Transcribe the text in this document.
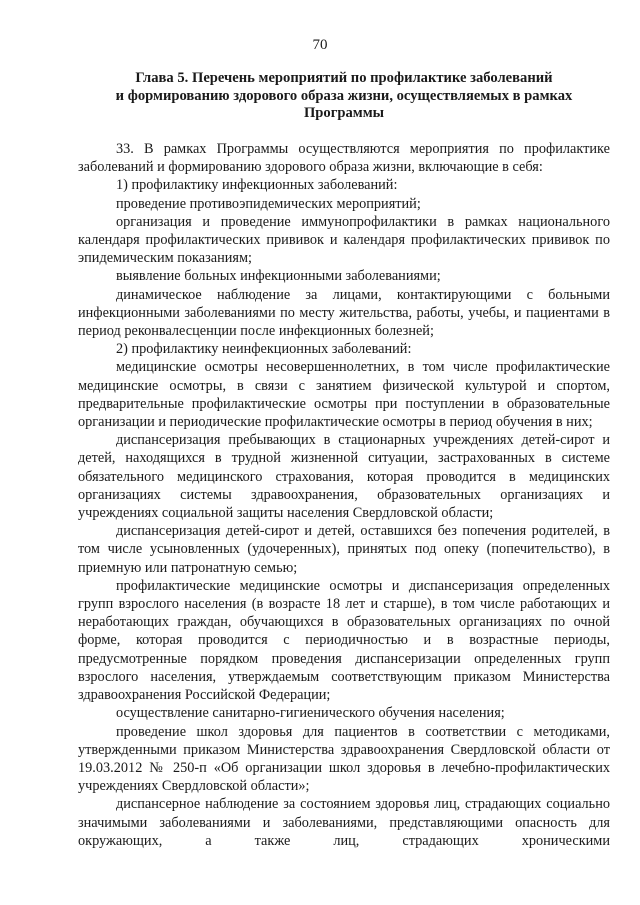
70
Глава 5. Перечень мероприятий по профилактике заболеваний
и формированию здорового образа жизни, осуществляемых в рамках
Программы

33. В рамках Программы осуществляются мероприятия по профилактике заболеваний и формированию здорового образа жизни, включающие в себя:

1) профилактику инфекционных заболеваний:

проведение противоэпидемических мероприятий;

организация и проведение иммунопрофилактики в рамках национального календаря профилактических прививок и календаря профилактических прививок по эпидемическим показаниям;

выявление больных инфекционными заболеваниями;

динамическое наблюдение за лицами, контактирующими с больными инфекционными заболеваниями по месту жительства, работы, учебы, и пациентами в период реконвалесценции после инфекционных болезней;

2) профилактику неинфекционных заболеваний:

медицинские осмотры несовершеннолетних, в том числе профилактические медицинские осмотры, в связи с занятием физической культурой и спортом, предварительные профилактические осмотры при поступлении в образовательные организации и периодические профилактические осмотры в период обучения в них;

диспансеризация пребывающих в стационарных учреждениях детей-сирот и детей, находящихся в трудной жизненной ситуации, застрахованных в системе обязательного медицинского страхования, которая проводится в медицинских организациях системы здравоохранения, образовательных организациях и учреждениях социальной защиты населения Свердловской области;

диспансеризация детей-сирот и детей, оставшихся без попечения родителей, в том числе усыновленных (удочеренных), принятых под опеку (попечительство), в приемную или патронатную семью;

профилактические медицинские осмотры и диспансеризация определенных групп взрослого населения (в возрасте 18 лет и старше), в том числе работающих и неработающих граждан, обучающихся в образовательных организациях по очной форме, которая проводится с периодичностью и в возрастные периоды, предусмотренные порядком проведения диспансеризации определенных групп взрослого населения, утверждаемым соответствующим приказом Министерства здравоохранения Российской Федерации;

осуществление санитарно-гигиенического обучения населения;

проведение школ здоровья для пациентов в соответствии с методиками, утвержденными приказом Министерства здравоохранения Свердловской области от 19.03.2012 № 250-п «Об организации школ здоровья в лечебно-профилактических учреждениях Свердловской области»;

диспансерное наблюдение за состоянием здоровья лиц, страдающих социально значимыми заболеваниями и заболеваниями, представляющими опасность для окружающих, а также лиц, страдающих хроническими
